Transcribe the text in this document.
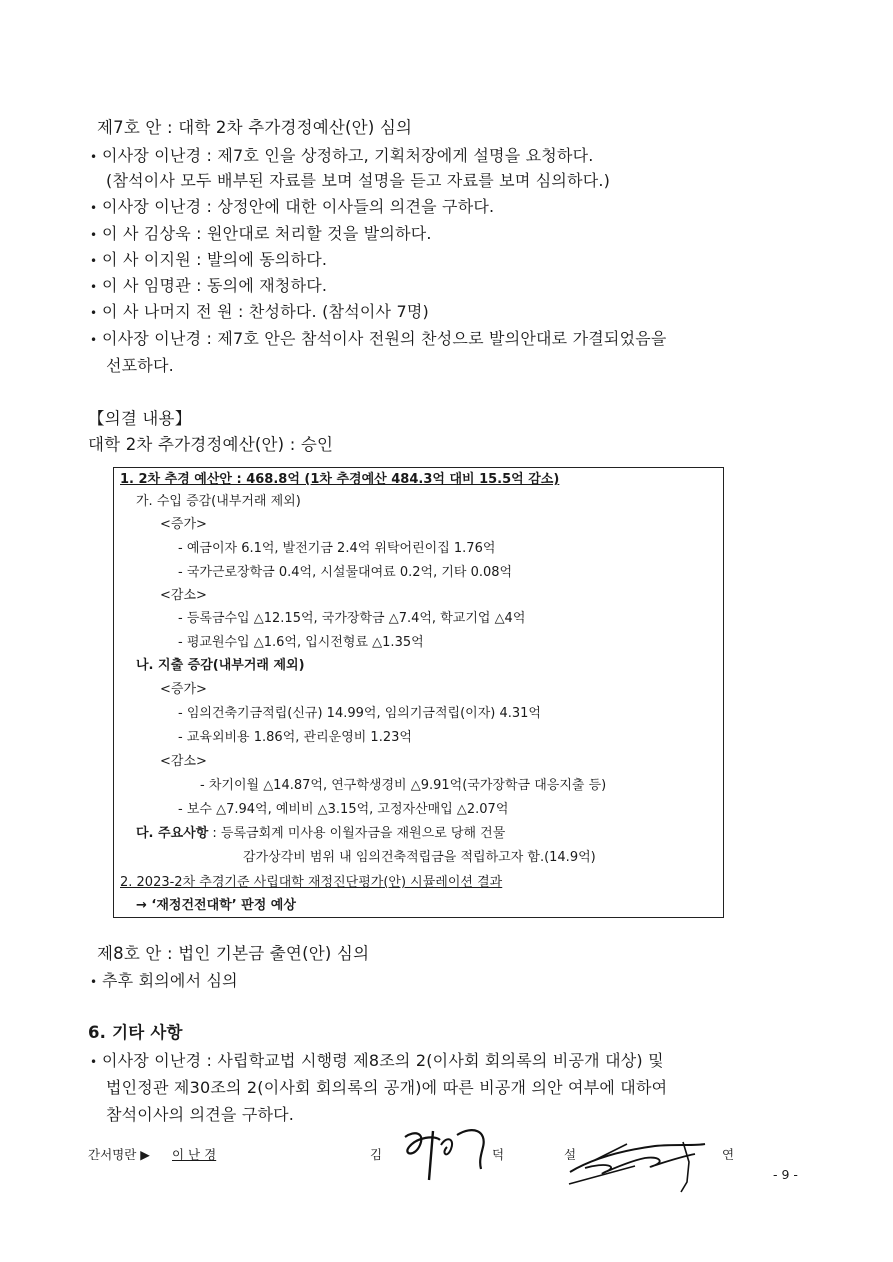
제7호 안 : 대학 2차 추가경정예산(안) 심의
• 이사장 이난경 : 제7호 인을 상정하고, 기획처장에게 설명을 요청하다.
(참석이사 모두 배부된 자료를 보며 설명을 듣고 자료를 보며 심의하다.)
• 이사장 이난경 : 상정안에 대한 이사들의 의견을 구하다.
• 이 사 김상욱 : 원안대로 처리할 것을 발의하다.
• 이 사 이지원 : 발의에 동의하다.
• 이 사 임명관 : 동의에 재청하다.
• 이 사 나머지 전 원 : 찬성하다. (참석이사 7명)
• 이사장 이난경 : 제7호 안은 참석이사 전원의 찬성으로 발의안대로 가결되었음을
선포하다.
【의결 내용】
대학 2차 추가경정예산(안) : 승인
1. 2차 추경 예산안 : 468.8억 (1차 추경예산 484.3억 대비 15.5억 감소)
가. 수입 증감(내부거래 제외)
<증가>
- 예금이자 6.1억, 발전기금 2.4억 위탁어린이집 1.76억
- 국가근로장학금 0.4억, 시설물대여료 0.2억, 기타 0.08억
<감소>
- 등록금수입 △12.15억, 국가장학금 △7.4억, 학교기업 △4억
- 평교원수입 △1.6억, 입시전형료 △1.35억
나. 지출 증감(내부거래 제외)
<증가>
- 임의건축기금적립(신규) 14.99억, 임의기금적립(이자) 4.31억
- 교육외비용 1.86억, 관리운영비 1.23억
<감소>
- 차기이월 △14.87억, 연구학생경비 △9.91억(국가장학금 대응지출 등)
- 보수 △7.94억, 예비비 △3.15억, 고정자산매입 △2.07억
다. 주요사항 : 등록금회계 미사용 이월자금을 재원으로 당해 건물
감가상각비 범위 내 임의건축적립금을 적립하고자 함.(14.9억)
2. 2023-2차 추경기준 사립대학 재정진단평가(안) 시뮬레이션 결과
→ ‘재정건전대학’ 판정 예상
제8호 안 : 법인 기본금 출연(안) 심의
• 추후 회의에서 심의
6. 기타 사항
• 이사장 이난경 : 사립학교법 시행령 제8조의 2(이사회 회의록의 비공개 대상) 및
법인정관 제30조의 2(이사회 회의록의 공개)에 따른 비공개 의안 여부에 대하여
참석이사의 의견을 구하다.
간서명란 ▶ 이 난 경	김	덕	설	연
- 9 -
